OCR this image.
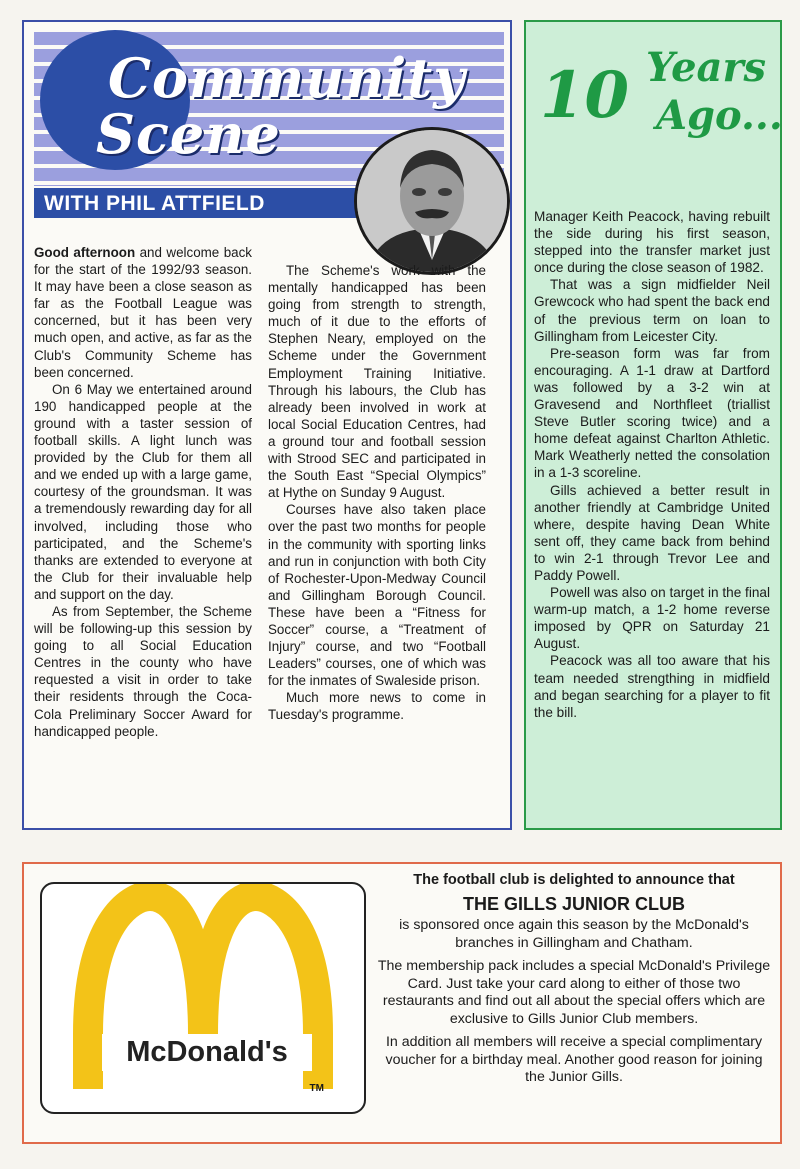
Community
Scene
WITH PHIL ATTFIELD

Good afternoon and welcome back for the start of the 1992/93 season. It may have been a close season as far as the Football League was concerned, but it has been very much open, and active, as far as the Club's Community Scheme has been concerned.

On 6 May we entertained around 190 handicapped people at the ground with a taster session of football skills. A light lunch was provided by the Club for them all and we ended up with a large game, courtesy of the groundsman. It was a tremendously rewarding day for all involved, including those who participated, and the Scheme's thanks are extended to everyone at the Club for their invaluable help and support on the day.

As from September, the Scheme will be following-up this session by going to all Social Education Centres in the county who have requested a visit in order to take their residents through the Coca-Cola Preliminary Soccer Award for handicapped people.

The Scheme's work with the mentally handicapped has been going from strength to strength, much of it due to the efforts of Stephen Neary, employed on the Scheme under the Government Employment Training Initiative. Through his labours, the Club has already been involved in work at local Social Education Centres, had a ground tour and football session with Strood SEC and participated in the South East “Special Olympics” at Hythe on Sunday 9 August.

Courses have also taken place over the past two months for people in the community with sporting links and run in conjunction with both City of Rochester-Upon-Medway Council and Gillingham Borough Council. These have been a “Fitness for Soccer” course, a “Treatment of Injury” course, and two “Football Leaders” courses, one of which was for the inmates of Swaleside prison.

Much more news to come in Tuesday's programme.

10 Years
Ago...

Manager Keith Peacock, having rebuilt the side during his first season, stepped into the transfer market just once during the close season of 1982.

That was a sign midfielder Neil Grewcock who had spent the back end of the previous term on loan to Gillingham from Leicester City.

Pre-season form was far from encouraging. A 1-1 draw at Dartford was followed by a 3-2 win at Gravesend and Northfleet (triallist Steve Butler scoring twice) and a home defeat against Charlton Athletic. Mark Weatherly netted the consolation in a 1-3 scoreline.

Gills achieved a better result in another friendly at Cambridge United where, despite having Dean White sent off, they came back from behind to win 2-1 through Trevor Lee and Paddy Powell.

Powell was also on target in the final warm-up match, a 1-2 home reverse imposed by QPR on Saturday 21 August.

Peacock was all too aware that his team needed strengthing in midfield and began searching for a player to fit the bill.

McDonald's
TM

The football club is delighted to announce that

THE GILLS JUNIOR CLUB

is sponsored once again this season by the McDonald's branches in Gillingham and Chatham.

The membership pack includes a special McDonald's Privilege Card. Just take your card along to either of those two restaurants and find out all about the special offers which are exclusive to Gills Junior Club members.

In addition all members will receive a special complimentary voucher for a birthday meal. Another good reason for joining the Junior Gills.
